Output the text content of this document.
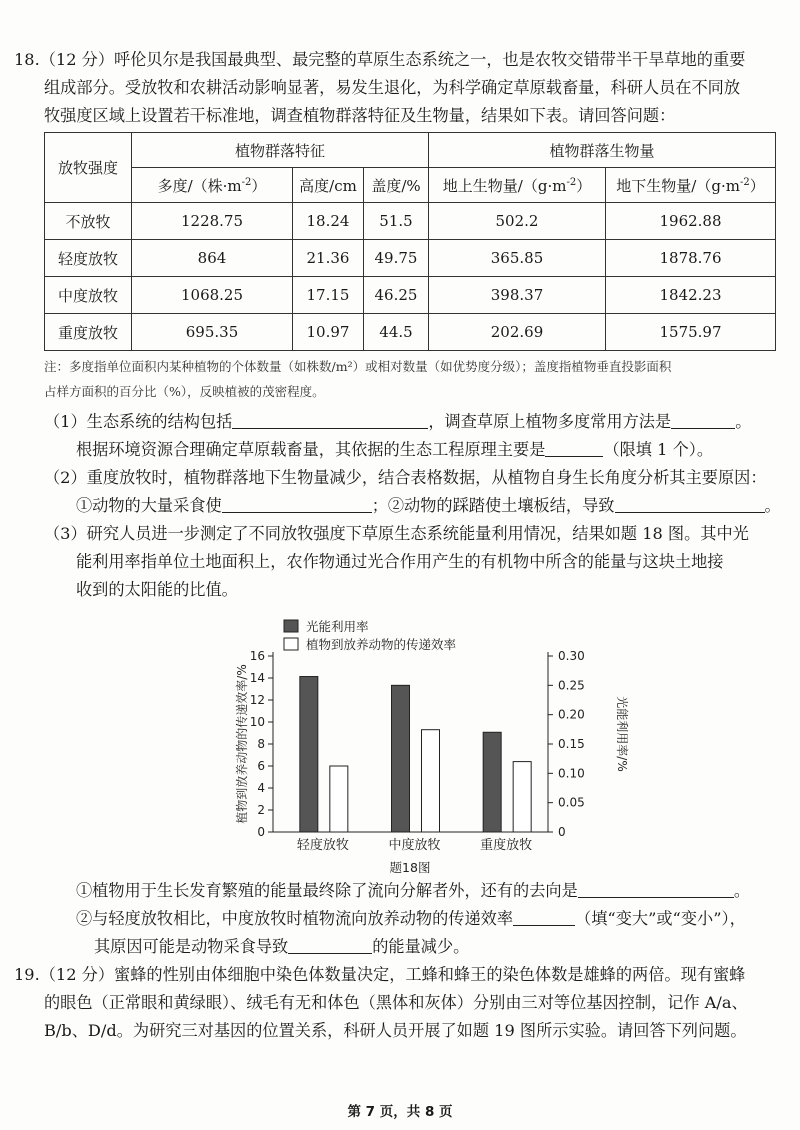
18.（12 分）呼伦贝尔是我国最典型、最完整的草原生态系统之一，也是农牧交错带半干旱草地的重要
组成部分。受放牧和农耕活动影响显著，易发生退化，为科学确定草原载畜量，科研人员在不同放
牧强度区域上设置若干标准地，调查植物群落特征及生物量，结果如下表。请回答问题：
放牧强度	植物群落特征			植物群落生物量	
	多度/（株$\cdot m^{-2}$）	高度/cm	盖度/%	地上生物量$/(g\cdot m^{-2})$	地下生物量$/(g\cdot m^{-2})$
不放牧	1228.75	18.24	51.5	502.2	1962.88
轻度放牧	864	21.36	49.75	365.85	1878.76
中度放牧	1068.25	17.15	46.25	398.37	1842.23
重度放牧	695.35	10.97	44.5	202.69	1575.97
注：多度指单位面积内某种植物的个体数量（如株数/m²）或相对数量（如优势度分级）；盖度指植物垂直投影面积
占样方面积的百分比（%），反映植被的茂密程度。
（1）生态系统的结构包括	，调查草原上植物多度常用方法是	。
根据环境资源合理确定草原载畜量，其依据的生态工程原理主要是	（限填 1 个）。
（2）重度放牧时，植物群落地下生物量减少，结合表格数据，从植物自身生长角度分析其主要原因：
①动物的大量采食使	；②动物的踩踏使土壤板结，导致	。
（3）研究人员进一步测定了不同放牧强度下草原生态系统能量利用情况，结果如题 18 图。其中光
能利用率指单位土地面积上，农作物通过光合作用产生的有机物中所含的能量与这块土地接
收到的太阳能的比值。
0
2
4
6
8
10
12
14
16
0
0.05
0.10
0.15
0.20
0.25
0.30
轻度放牧	中度放牧	重度放牧
光能利用率
植物到放养动物的传递效率
植物到放养动物的传递效率/%	光能利用率/%
题18图
①植物用于生长发育繁殖的能量最终除了流向分解者外，还有的去向是	。
②与轻度放牧相比，中度放牧时植物流向放养动物的传递效率	（填“变大”或“变小”），
其原因可能是动物采食导致	的能量减少。
19.（12 分）蜜蜂的性别由体细胞中染色体数量决定，工蜂和蜂王的染色体数是雄蜂的两倍。现有蜜蜂
的眼色（正常眼和黄绿眼）、绒毛有无和体色（黑体和灰体）分别由三对等位基因控制，记作 A/a、
B/b、D/d。为研究三对基因的位置关系，科研人员开展了如题 19 图所示实验。请回答下列问题。
第 7 页，共 8 页
